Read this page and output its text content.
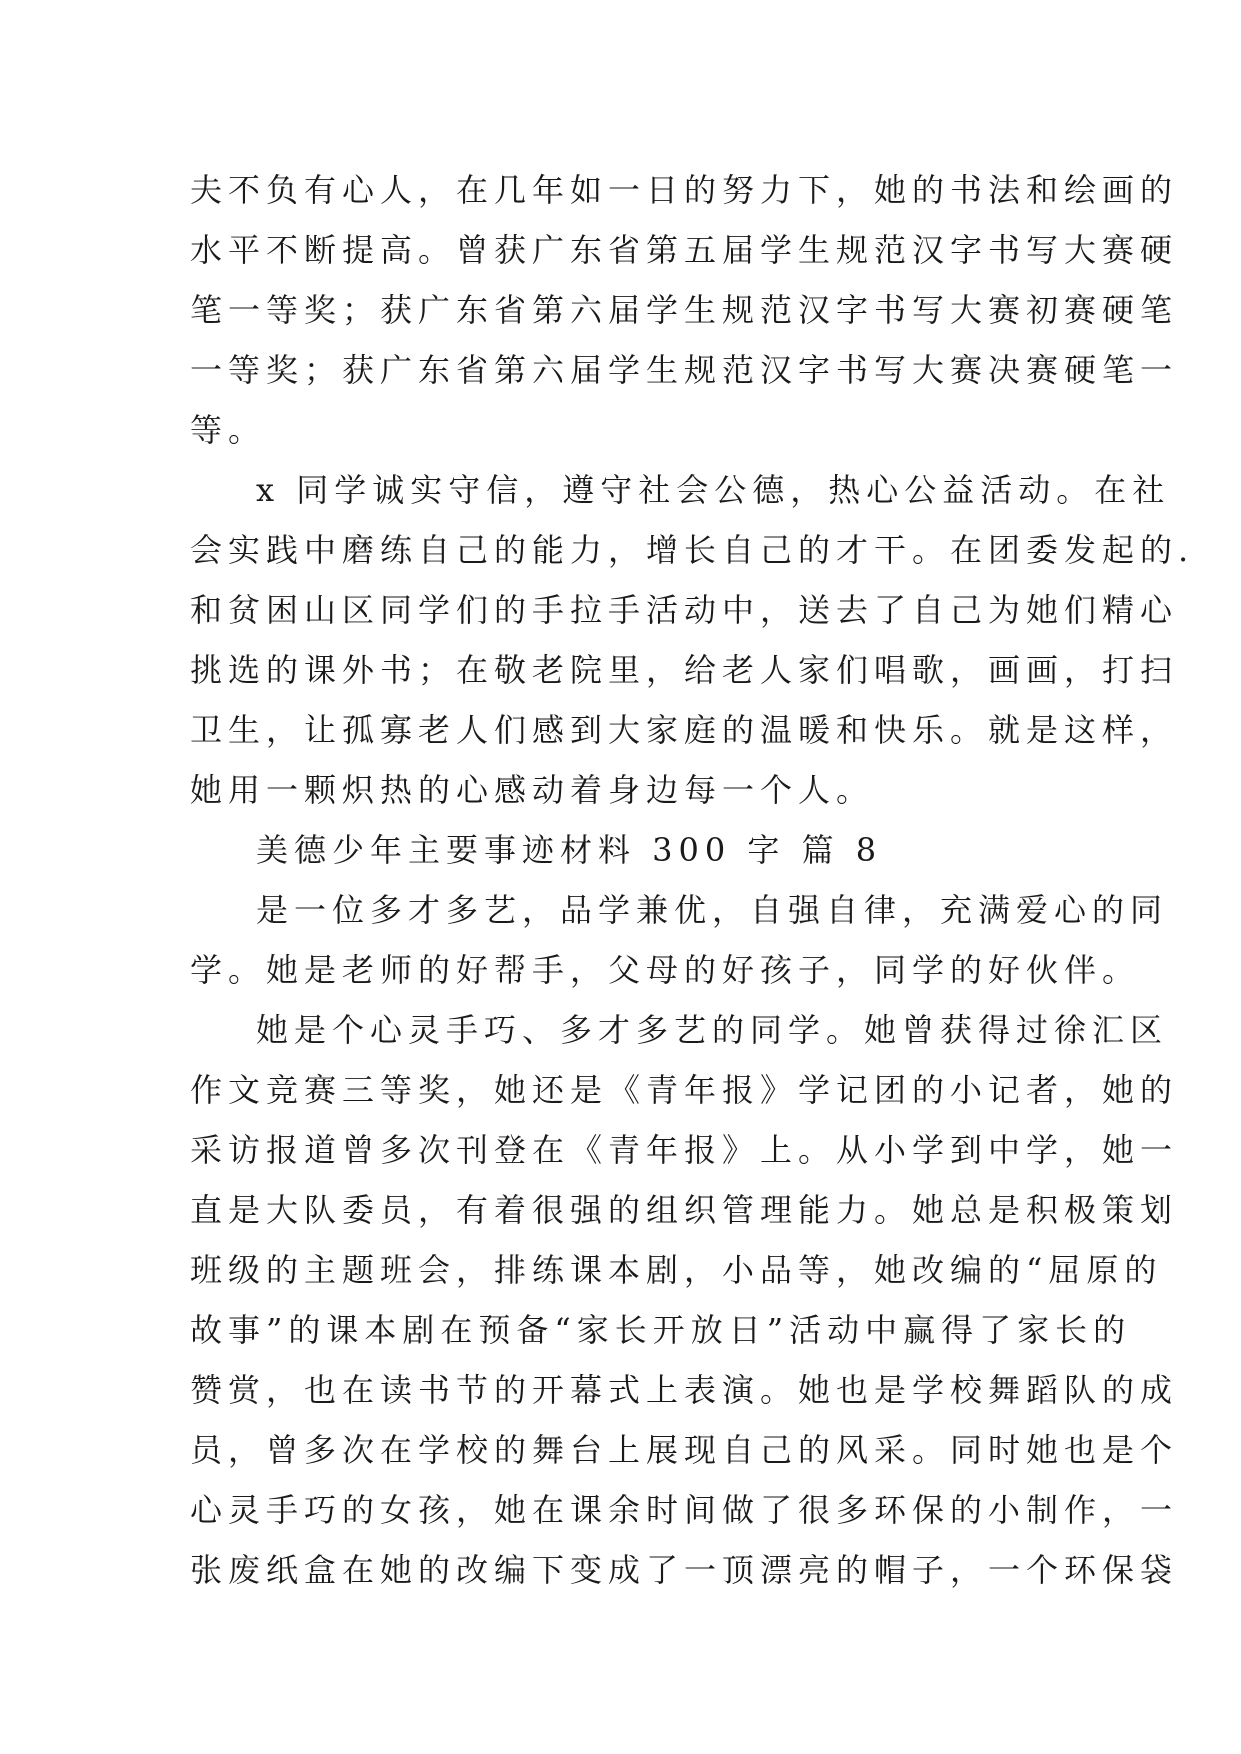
夫不负有心人，在几年如一日的努力下，她的书法和绘画的
水平不断提高。曾获广东省第五届学生规范汉字书写大赛硬
笔一等奖；获广东省第六届学生规范汉字书写大赛初赛硬笔
一等奖；获广东省第六届学生规范汉字书写大赛决赛硬笔一
等。
x 同学诚实守信，遵守社会公德，热心公益活动。在社
会实践中磨练自己的能力，增长自己的才干。在团委发起的.
和贫困山区同学们的手拉手活动中，送去了自己为她们精心
挑选的课外书；在敬老院里，给老人家们唱歌，画画，打扫
卫生，让孤寡老人们感到大家庭的温暖和快乐。就是这样，
她用一颗炽热的心感动着身边每一个人。
美德少年主要事迹材料 300 字 篇 8
是一位多才多艺，品学兼优，自强自律，充满爱心的同
学。她是老师的好帮手，父母的好孩子，同学的好伙伴。
她是个心灵手巧、多才多艺的同学。她曾获得过徐汇区
作文竞赛三等奖，她还是《青年报》学记团的小记者，她的
采访报道曾多次刊登在《青年报》上。从小学到中学，她一
直是大队委员，有着很强的组织管理能力。她总是积极策划
班级的主题班会，排练课本剧，小品等，她改编的“屈原的
故事”的课本剧在预备“家长开放日”活动中赢得了家长的
赞赏，也在读书节的开幕式上表演。她也是学校舞蹈队的成
员，曾多次在学校的舞台上展现自己的风采。同时她也是个
心灵手巧的女孩，她在课余时间做了很多环保的小制作，一
张废纸盒在她的改编下变成了一顶漂亮的帽子，一个环保袋
